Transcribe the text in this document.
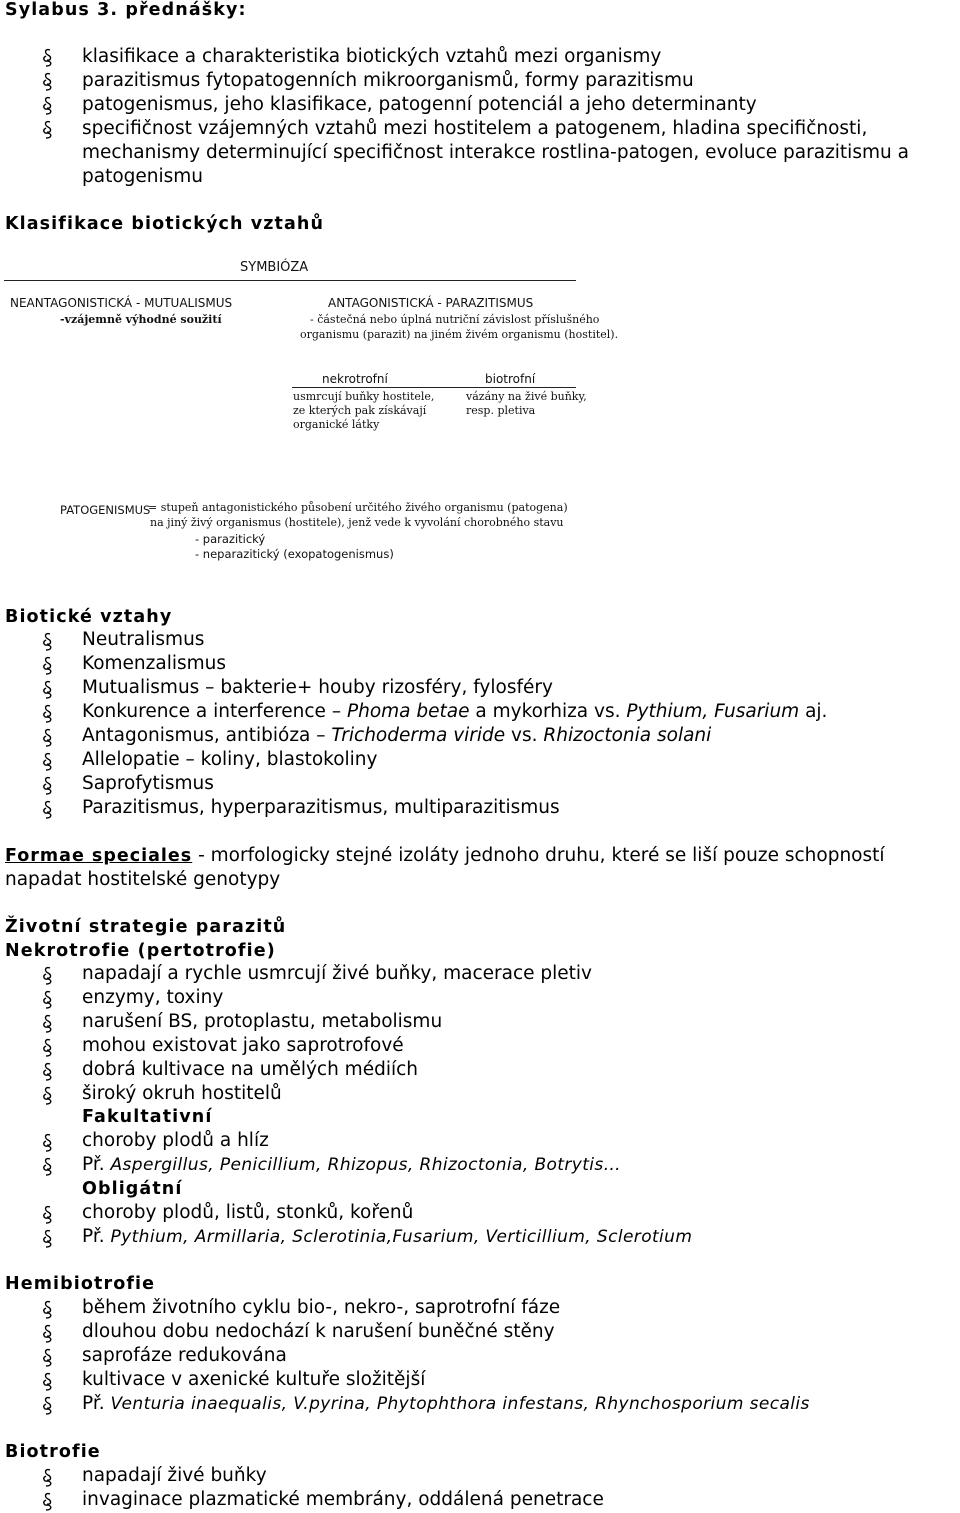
Sylabus 3. přednášky:
klasifikace a charakteristika biotických vztahů mezi organismy
parazitismus fytopatogenních mikroorganismů, formy parazitismu
patogenismus, jeho klasifikace, patogenní potenciál a jeho determinanty
specifičnost vzájemných vztahů mezi hostitelem a patogenem, hladina specifičnosti,
mechanismy determinující specifičnost interakce rostlina-patogen, evoluce parazitismu a
patogenismu
Klasifikace biotických vztahů
SYMBIÓZA
NEANTAGONISTICKÁ - MUTUALISMUS
-vzájemně výhodné soužití
ANTAGONISTICKÁ - PARAZITISMUS
- částečná nebo úplná nutriční závislost příslušného
organismu (parazit) na jiném živém organismu (hostitel).
nekrotrofní	biotrofní
usmrcují buňky hostitele,
ze kterých pak získávají
organické látky
vázány na živé buňky,
resp. pletiva
PATOGENISMUS
= stupeň antagonistického působení určitého živého organismu (patogena)
na jiný živý organismus (hostitele), jenž vede k vyvolání chorobného stavu
- parazitický
- neparazitický (exopatogenismus)
Biotické vztahy
Neutralismus
Komenzalismus
Mutualismus – bakterie+ houby rizosféry, fylosféry
Konkurence a interference – Phoma betae a mykorhiza vs. Pythium, Fusarium aj.
Antagonismus, antibióza – Trichoderma viride vs. Rhizoctonia solani
Allelopatie – koliny, blastokoliny
Saprofytismus
Parazitismus, hyperparazitismus, multiparazitismus
Formae speciales - morfologicky stejné izoláty jednoho druhu, které se liší pouze schopností
napadat hostitelské genotypy
Životní strategie parazitů
Nekrotrofie (pertotrofie)
napadají a rychle usmrcují živé buňky, macerace pletiv
enzymy, toxiny
narušení BS, protoplastu, metabolismu
mohou existovat jako saprotrofové
dobrá kultivace na umělých médiích
široký okruh hostitelů
Fakultativní
choroby plodů a hlíz
Př. Aspergillus, Penicillium, Rhizopus, Rhizoctonia, Botrytis…
Obligátní
choroby plodů, listů, stonků, kořenů
Př. Pythium, Armillaria, Sclerotinia,Fusarium, Verticillium, Sclerotium
Hemibiotrofie
během životního cyklu bio-, nekro-, saprotrofní fáze
dlouhou dobu nedochází k narušení buněčné stěny
saprofáze redukována
kultivace v axenické kultuře složitější
Př. Venturia inaequalis, V.pyrina, Phytophthora infestans, Rhynchosporium secalis
Biotrofie
napadají živé buňky
invaginace plazmatické membrány, oddálená penetrace
